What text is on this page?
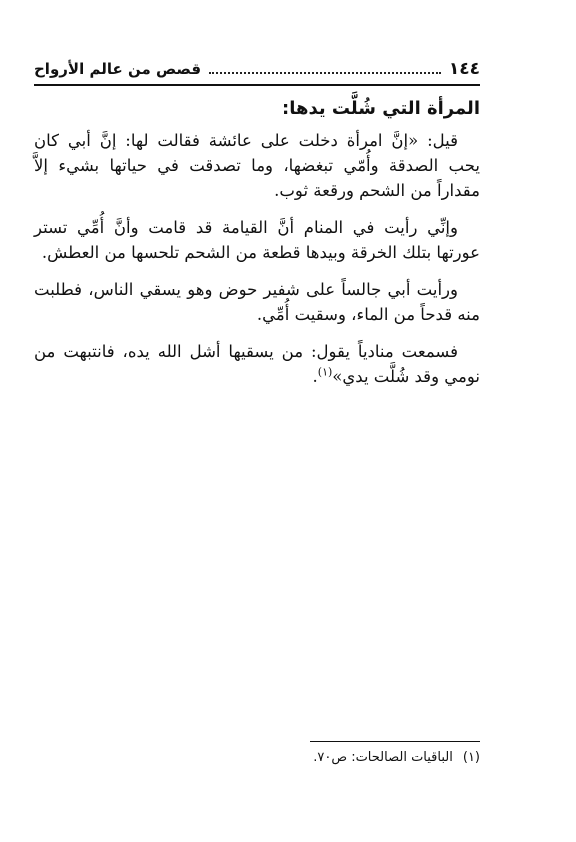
١٤٤
قصص من عالم الأرواح
المرأة التي شُلَّت يدها:

قيل: «إنَّ امرأة دخلت على عائشة فقالت لها: إنَّ أبي كان يحب الصدقة وأُمّي تبغضها، وما تصدقت في حياتها بشيء إلاَّ مقداراً من الشحم ورقعة ثوب.

وإنِّي رأيت في المنام أنَّ القيامة قد قامت وأنَّ أُمِّي تستر عورتها بتلك الخرقة وبيدها قطعة من الشحم تلحسها من العطش.

ورأيت أبي جالساً على شفير حوض وهو يسقي الناس، فطلبت منه قدحاً من الماء، وسقيت أُمِّي.

فسمعت منادياً يقول: من يسقيها أشل الله يده، فانتبهت من نومي وقد شُلَّت يدي»$^{(١)}$.

(١)الباقيات الصالحات: ص٧٠.
